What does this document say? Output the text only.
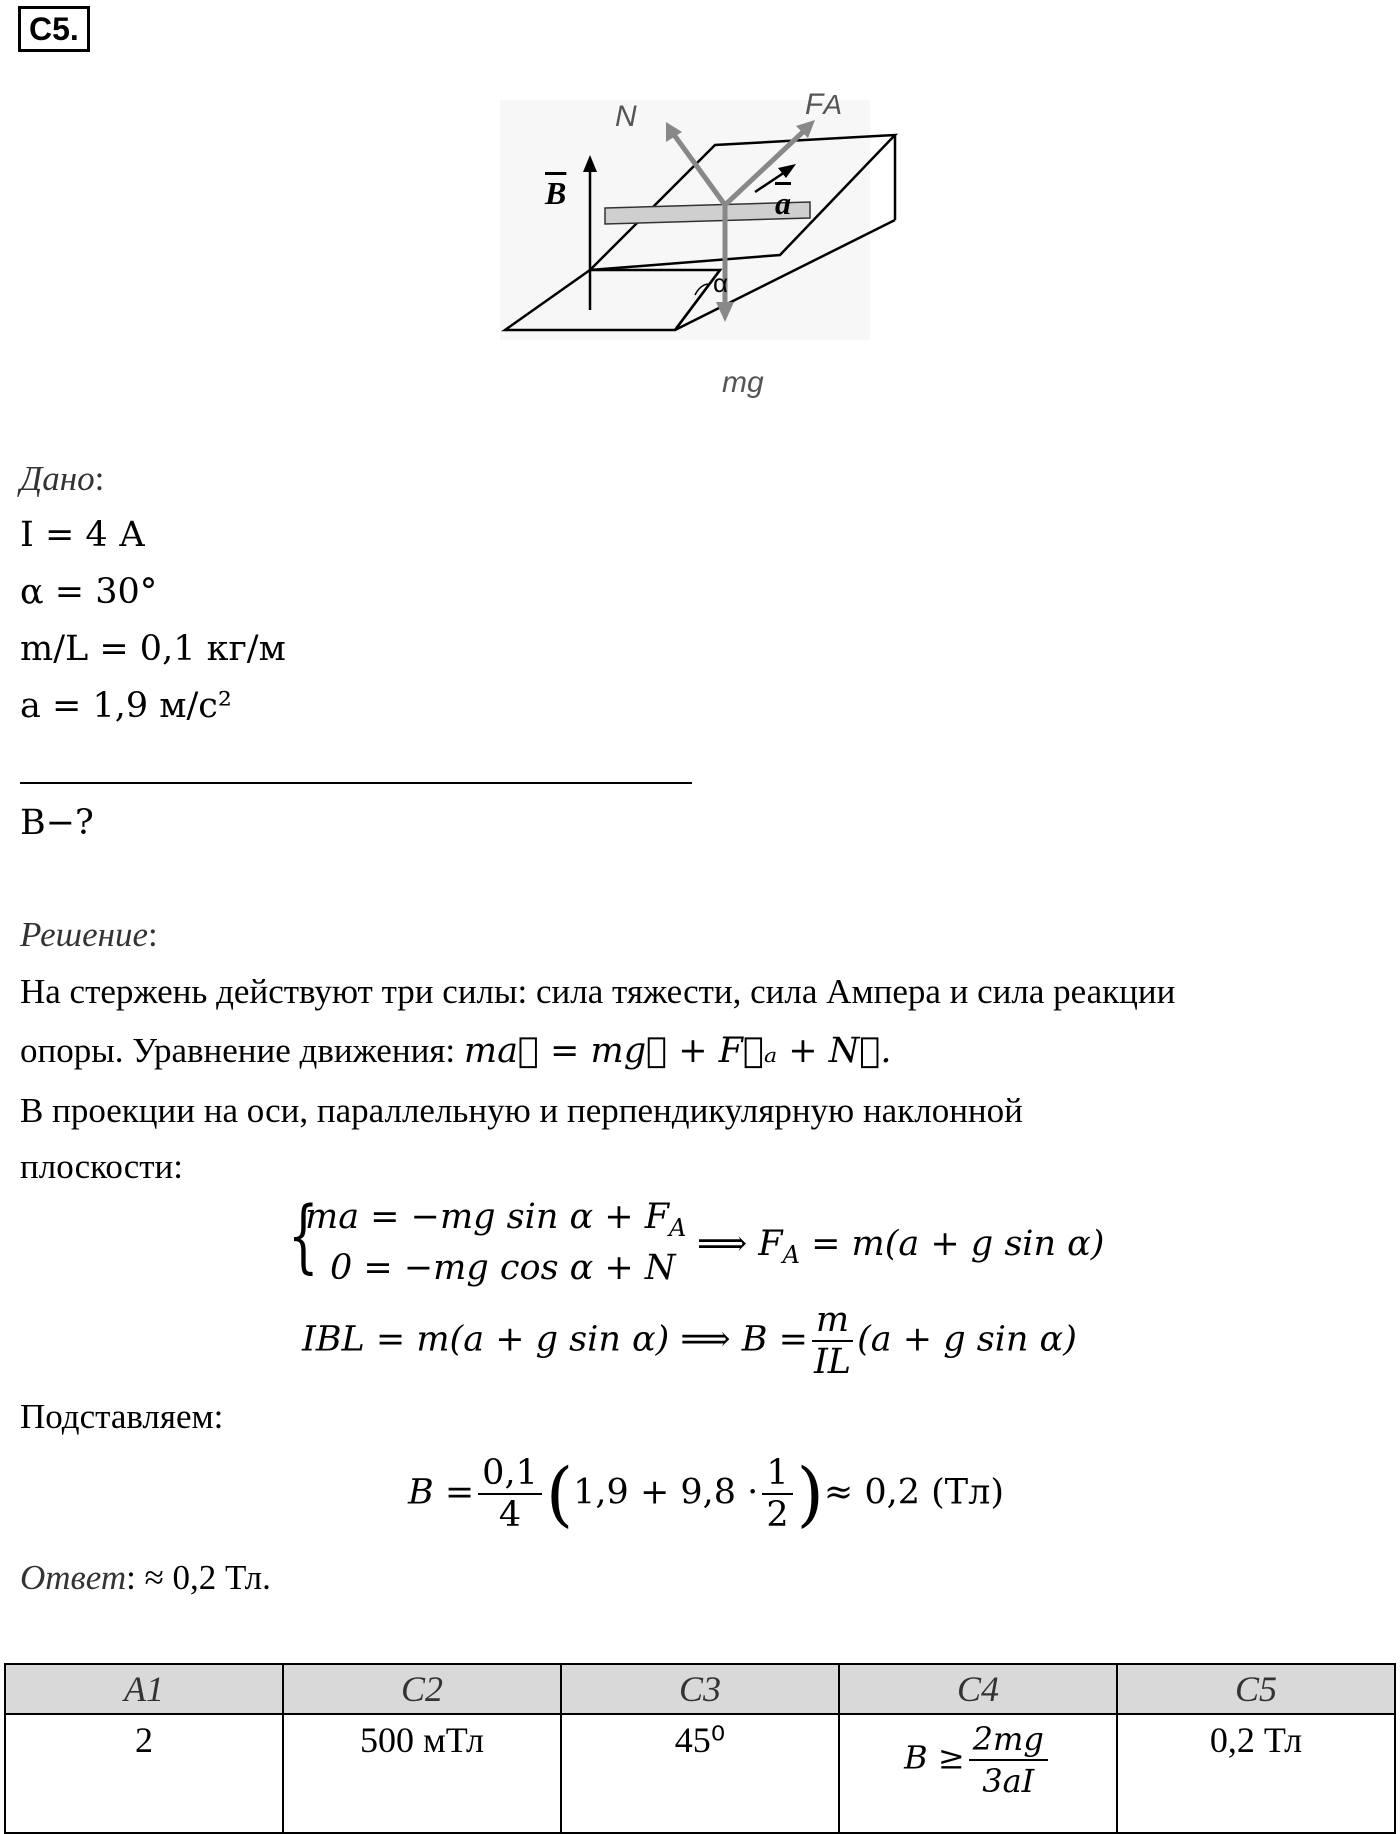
C5.
N	FA
$\overline{B}$	$\overline{a}$
α
mg
Дано:
I = 4 А
α = 30°
m/L = 0,1 кг/м
a = 1,9 м/с²
B−?
Решение:
На стержень действуют три силы: сила тяжести, сила Ампера и сила реакции
опоры. Уравнение движения: ma⃗ = mg⃗ + F⃗ₐ + N⃗.
В проекции на оси, параллельную и перпендикулярную наклонной
плоскости:
{
ma = −mg $\sin \alpha + F_A$
0 = −mg cos α + N
⟹ $F_A = m(a + g$ sin α)
IBL = m(a + g sin α) ⟹ $B = \frac{m}{IL} (a + g$ sin α)
Подставляем:
$B = \frac{0,1}{4} (1,9 + 9,8 \cdot \frac{1}{2}$ )≈ 0,2 (Тл)
Ответ: ≈ 0,2 Тл.
A1	C2	C3	C4	C5
2	500 мТл	45⁰	$B \ge \frac{2mg}{3aI}$	0,2 Тл
